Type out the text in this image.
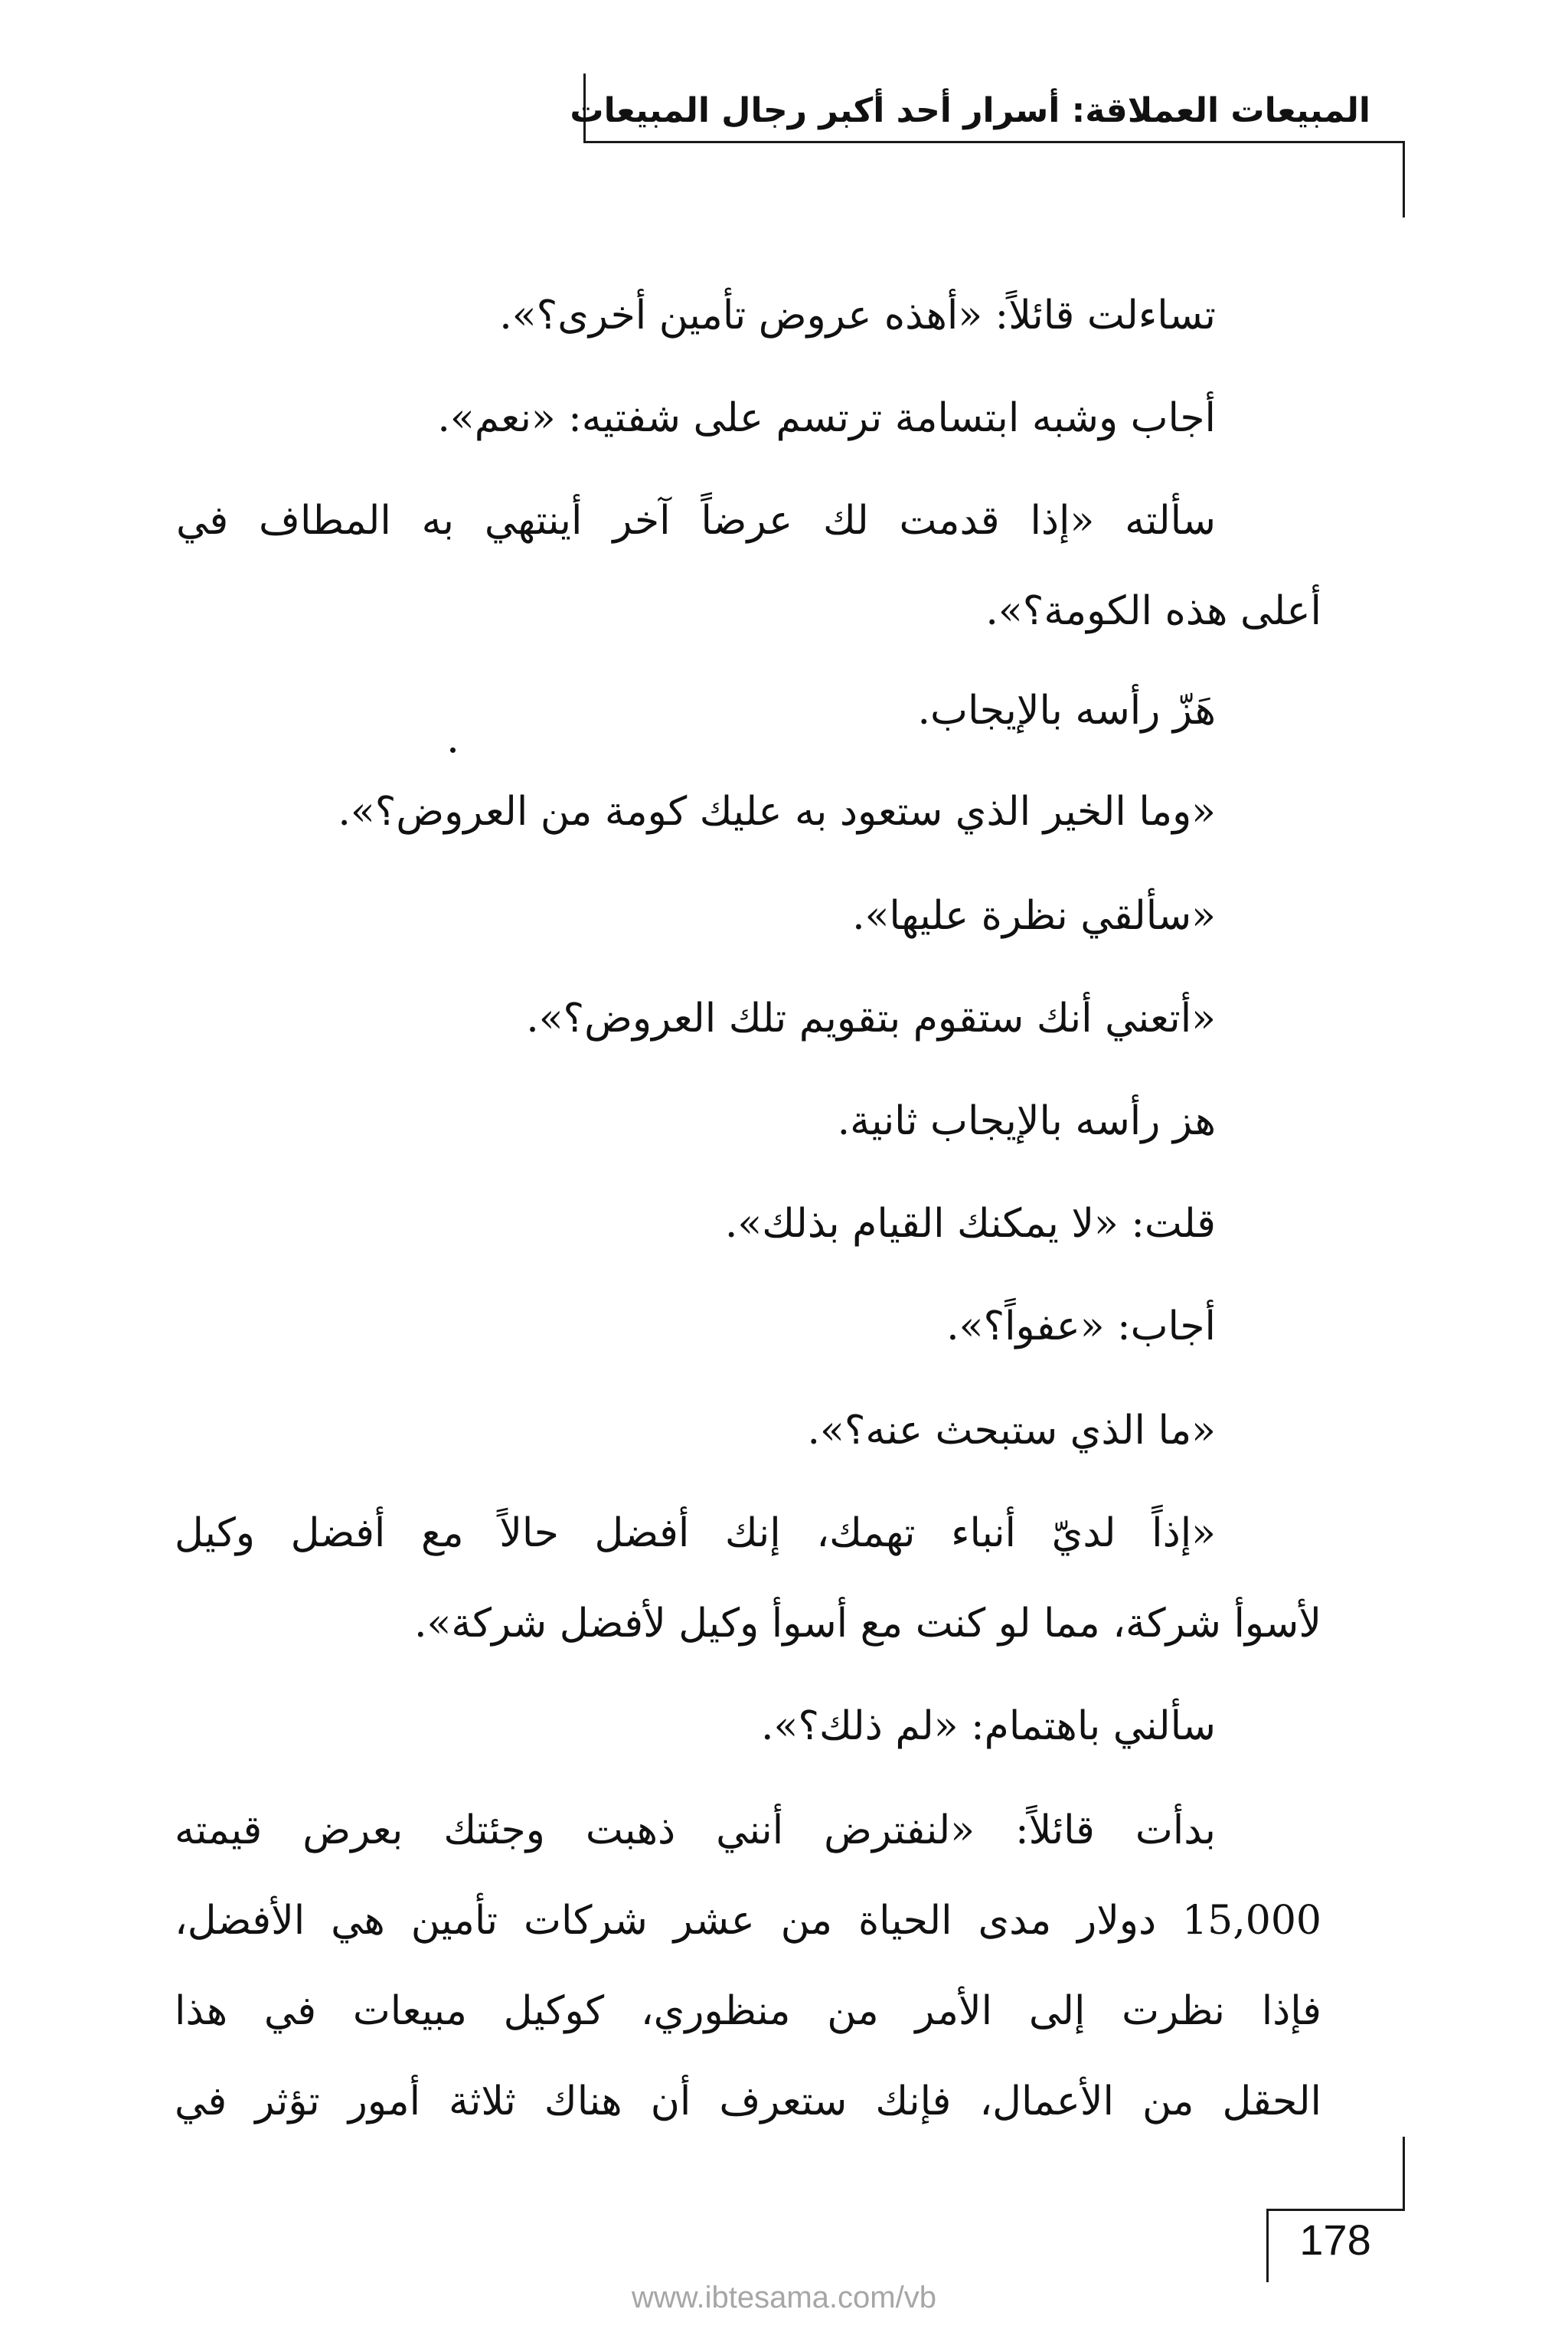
المبيعات العملاقة: أسرار أحد أكبر رجال المبيعات
تساءلت قائلاً: «أهذه عروض تأمين أخرى؟».
أجاب وشبه ابتسامة ترتسم على شفتيه: «نعم».
سألته «إذا قدمت لك عرضاً آخر أينتهي به المطاف في
أعلى هذه الكومة؟».
هَزّ رأسه بالإيجاب.
«وما الخير الذي ستعود به عليك كومة من العروض؟».
«سألقي نظرة عليها».
«أتعني أنك ستقوم بتقويم تلك العروض؟».
هز رأسه بالإيجاب ثانية.
قلت: «لا يمكنك القيام بذلك».
أجاب: «عفواً؟».
«ما الذي ستبحث عنه؟».
«إذاً لديّ أنباء تهمك، إنك أفضل حالاً مع أفضل وكيل
لأسوأ شركة، مما لو كنت مع أسوأ وكيل لأفضل شركة».
سألني باهتمام: «لم ذلك؟».
بدأت قائلاً: «لنفترض أنني ذهبت وجئتك بعرض قيمته
15,000 دولار مدى الحياة من عشر شركات تأمين هي الأفضل،
فإذا نظرت إلى الأمر من منظوري، كوكيل مبيعات في هذا
الحقل من الأعمال، فإنك ستعرف أن هناك ثلاثة أمور تؤثر في
178
www.ibtesama.com/vb
